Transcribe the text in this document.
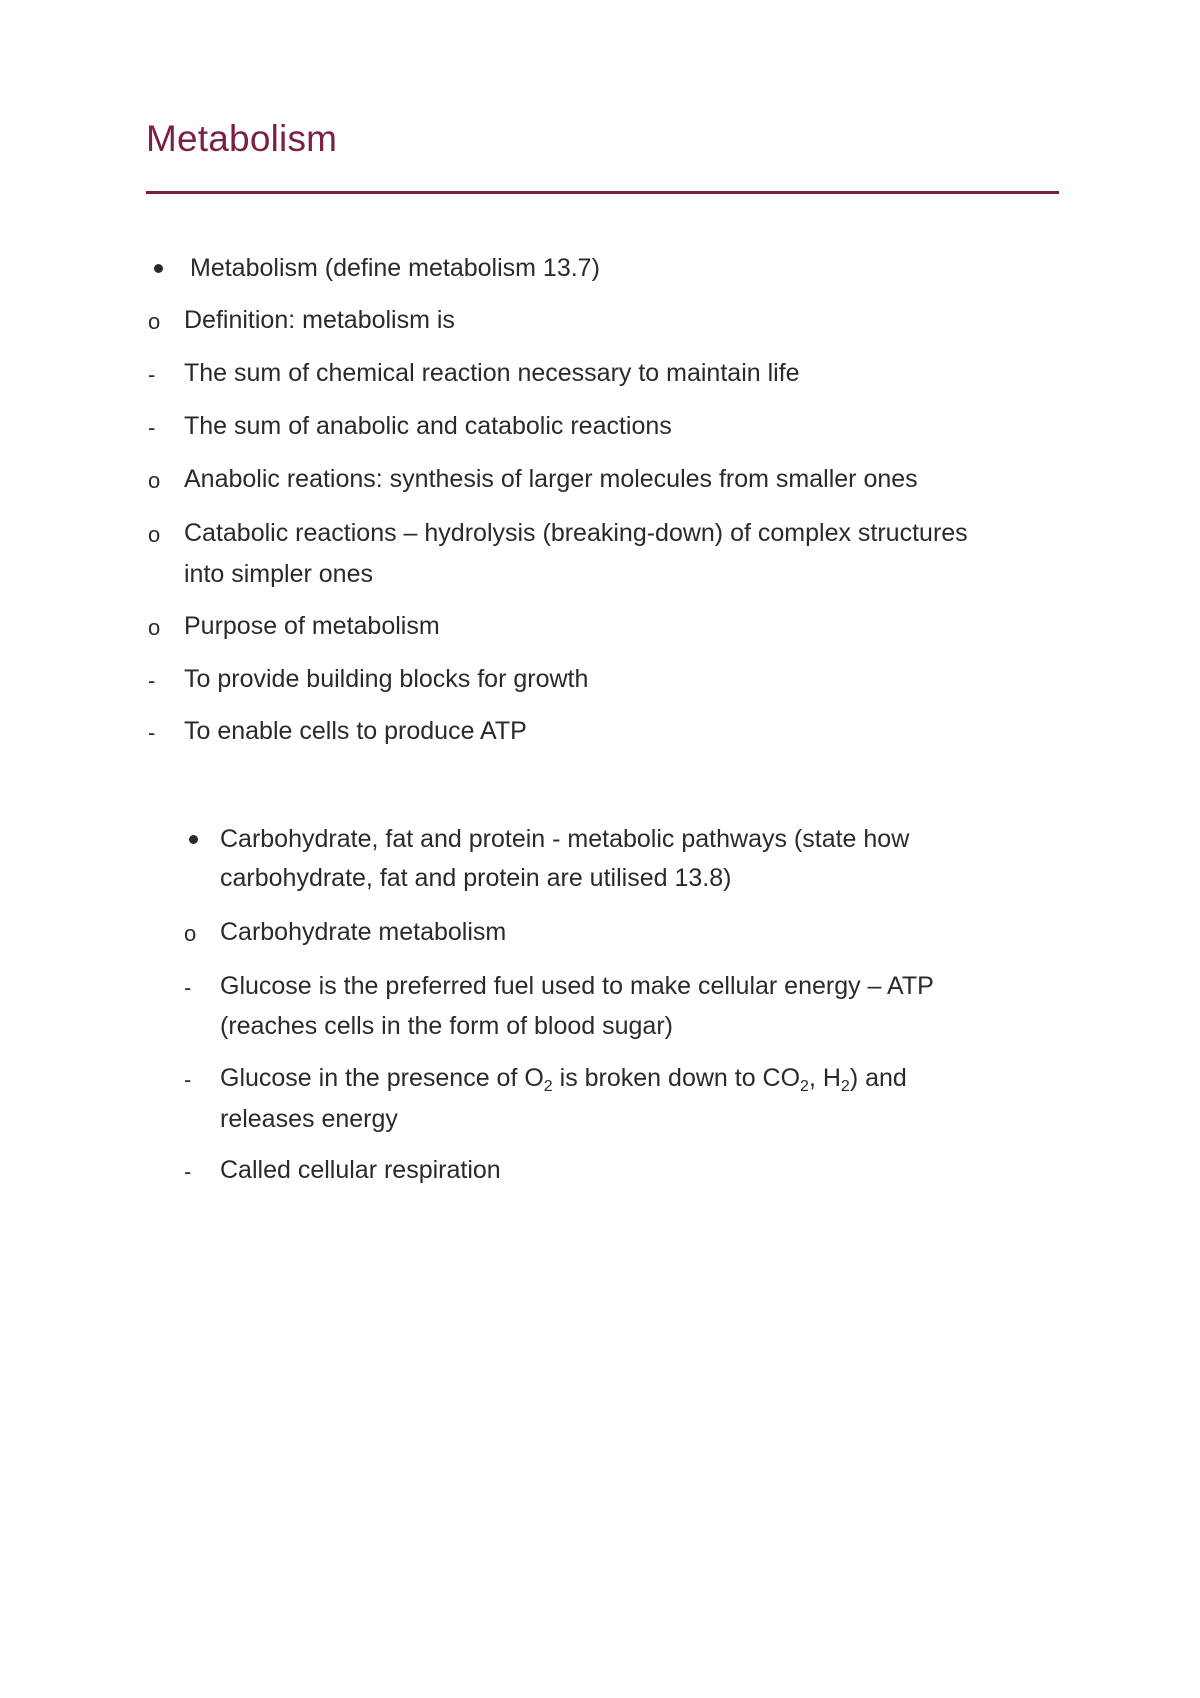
Metabolism
Metabolism (define metabolism 13.7)
o Definition: metabolism is
- The sum of chemical reaction necessary to maintain life
- The sum of anabolic and catabolic reactions
o Anabolic reations: synthesis of larger molecules from smaller ones
o Catabolic reactions – hydrolysis (breaking-down) of complex structures
into simpler ones
o Purpose of metabolism
- To provide building blocks for growth
- To enable cells to produce ATP
Carbohydrate, fat and protein - metabolic pathways (state how
carbohydrate, fat and protein are utilised 13.8)
o Carbohydrate metabolism
- Glucose is the preferred fuel used to make cellular energy – ATP
(reaches cells in the form of blood sugar)
- Glucose in the presence of $O_2$ is broken down to $CO_2$, $H_2$) and
releases energy
- Called cellular respiration
